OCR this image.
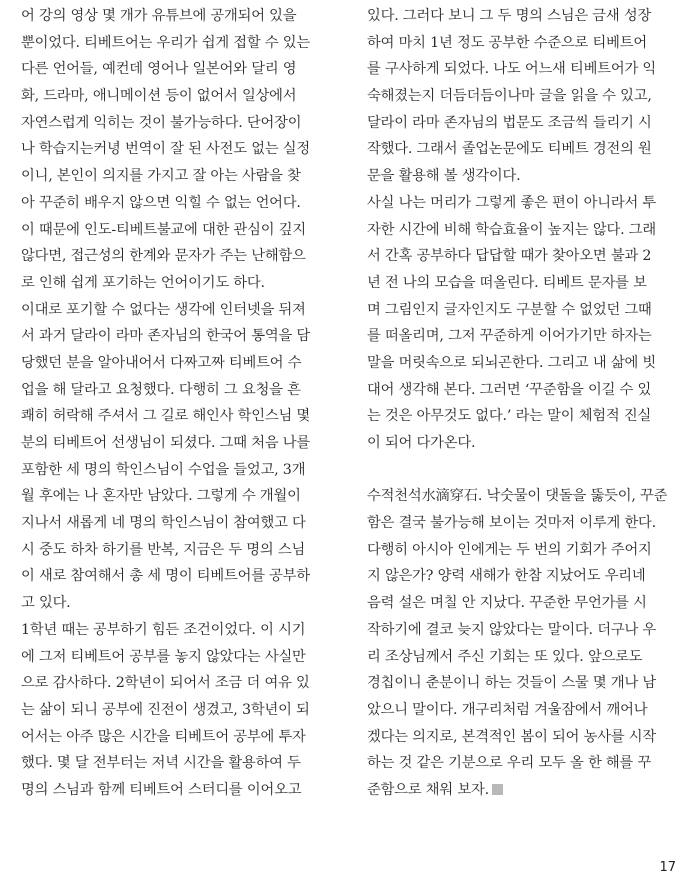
어 강의 영상 몇 개가 유튜브에 공개되어 있을
뿐이었다. 티베트어는 우리가 쉽게 접할 수 있는
다른 언어들, 예컨데 영어나 일본어와 달리 영
화, 드라마, 애니메이션 등이 없어서 일상에서
자연스럽게 익히는 것이 불가능하다. 단어장이
나 학습지는커녕 번역이 잘 된 사전도 없는 실정
이니, 본인이 의지를 가지고 잘 아는 사람을 찾
아 꾸준히 배우지 않으면 익힐 수 없는 언어다.
이 때문에 인도-티베트불교에 대한 관심이 깊지
않다면, 접근성의 한계와 문자가 주는 난해함으
로 인해 쉽게 포기하는 언어이기도 하다.
이대로 포기할 수 없다는 생각에 인터넷을 뒤져
서 과거 달라이 라마 존자님의 한국어 통역을 담
당했던 분을 알아내어서 다짜고짜 티베트어 수
업을 해 달라고 요청했다. 다행히 그 요청을 흔
쾌히 허락해 주셔서 그 길로 해인사 학인스님 몇
분의 티베트어 선생님이 되셨다. 그때 처음 나를
포함한 세 명의 학인스님이 수업을 들었고, 3개
월 후에는 나 혼자만 남았다. 그렇게 수 개월이
지나서 새롭게 네 명의 학인스님이 참여했고 다
시 중도 하차 하기를 반복, 지금은 두 명의 스님
이 새로 참여해서 총 세 명이 티베트어를 공부하
고 있다.
1학년 때는 공부하기 힘든 조건이었다. 이 시기
에 그저 티베트어 공부를 놓지 않았다는 사실만
으로 감사하다. 2학년이 되어서 조금 더 여유 있
는 삶이 되니 공부에 진전이 생겼고, 3학년이 되
어서는 아주 많은 시간을 티베트어 공부에 투자
했다. 몇 달 전부터는 저녁 시간을 활용하여 두
명의 스님과 함께 티베트어 스터디를 이어오고
있다. 그러다 보니 그 두 명의 스님은 금새 성장
하여 마치 1년 정도 공부한 수준으로 티베트어
를 구사하게 되었다. 나도 어느새 티베트어가 익
숙해졌는지 더듬더듬이나마 글을 읽을 수 있고,
달라이 라마 존자님의 법문도 조금씩 들리기 시
작했다. 그래서 졸업논문에도 티베트 경전의 원
문을 활용해 볼 생각이다.
사실 나는 머리가 그렇게 좋은 편이 아니라서 투
자한 시간에 비해 학습효율이 높지는 않다. 그래
서 간혹 공부하다 답답할 때가 찾아오면 불과 2
년 전 나의 모습을 떠올린다. 티베트 문자를 보
며 그림인지 글자인지도 구분할 수 없었던 그때
를 떠올리며, 그저 꾸준하게 이어가기만 하자는
말을 머릿속으로 되뇌곤한다. 그리고 내 삶에 빗
대어 생각해 본다. 그러면 ‘꾸준함을 이길 수 있
는 것은 아무것도 없다.’ 라는 말이 체험적 진실
이 되어 다가온다.
수적천석水滴穿石. 낙숫물이 댓돌을 뚫듯이, 꾸준
함은 결국 불가능해 보이는 것마저 이루게 한다.
다행히 아시아 인에게는 두 번의 기회가 주어지
지 않은가? 양력 새해가 한참 지났어도 우리네
음력 설은 며칠 안 지났다. 꾸준한 무언가를 시
작하기에 결코 늦지 않았다는 말이다. 더구나 우
리 조상님께서 주신 기회는 또 있다. 앞으로도
경칩이니 춘분이니 하는 것들이 스물 몇 개나 남
았으니 말이다. 개구리처럼 겨울잠에서 깨어나
겠다는 의지로, 본격적인 봄이 되어 농사를 시작
하는 것 같은 기분으로 우리 모두 올 한 해를 꾸
준함으로 채워 보자.
17
